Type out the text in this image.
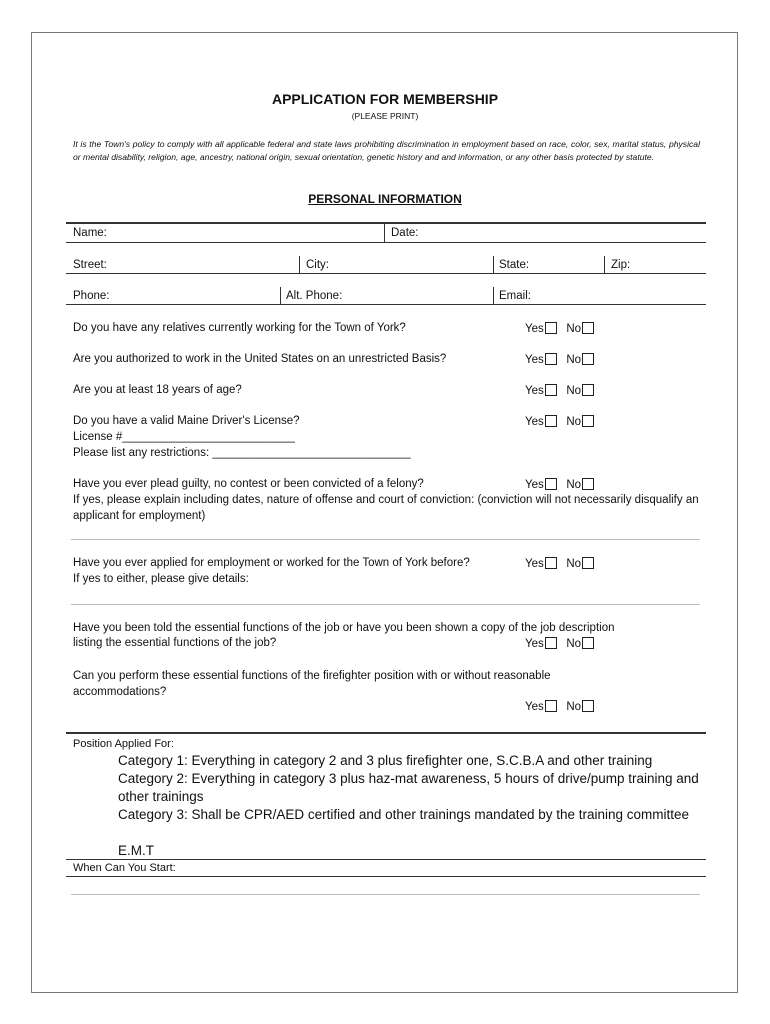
APPLICATION FOR MEMBERSHIP
(PLEASE PRINT)
It is the Town's policy to comply with all applicable federal and state laws prohibiting discrimination in employment based on race, color, sex, marital status, physical or mental disability, religion, age, ancestry, national origin, sexual orientation, genetic history and and information, or any other basis protected by statute.
PERSONAL INFORMATION
Name:	Date:
Street:	City:	State:	Zip:
Phone:	Alt. Phone:	Email:
Do you have any relatives currently working for the Town of York?	Yes No
Are you authorized to work in the United States on an unrestricted Basis?	Yes No
Are you at least 18 years of age?	Yes No
Do you have a valid Maine Driver's License?	Yes No
License #___________________________
Please list any restrictions: _______________________________
Have you ever plead guilty, no contest or been convicted of a felony?	Yes No
If yes, please explain including dates, nature of offense and court of conviction: (conviction will not necessarily disqualify an applicant for employment)
Have you ever applied for employment or worked for the Town of York before?	Yes No
If yes to either, please give details:
Have you been told the essential functions of the job or have you been shown a copy of the job description
listing the essential functions of the job?	Yes No
Can you perform these essential functions of the firefighter position with or without reasonable accommodations?
Yes No
Position Applied For:
Category 1: Everything in category 2 and 3 plus firefighter one, S.C.B.A and other training
Category 2: Everything in category 3 plus haz-mat awareness, 5 hours of drive/pump training and other trainings
Category 3: Shall be CPR/AED certified and other trainings mandated by the training committee
E.M.T
When Can You Start:
